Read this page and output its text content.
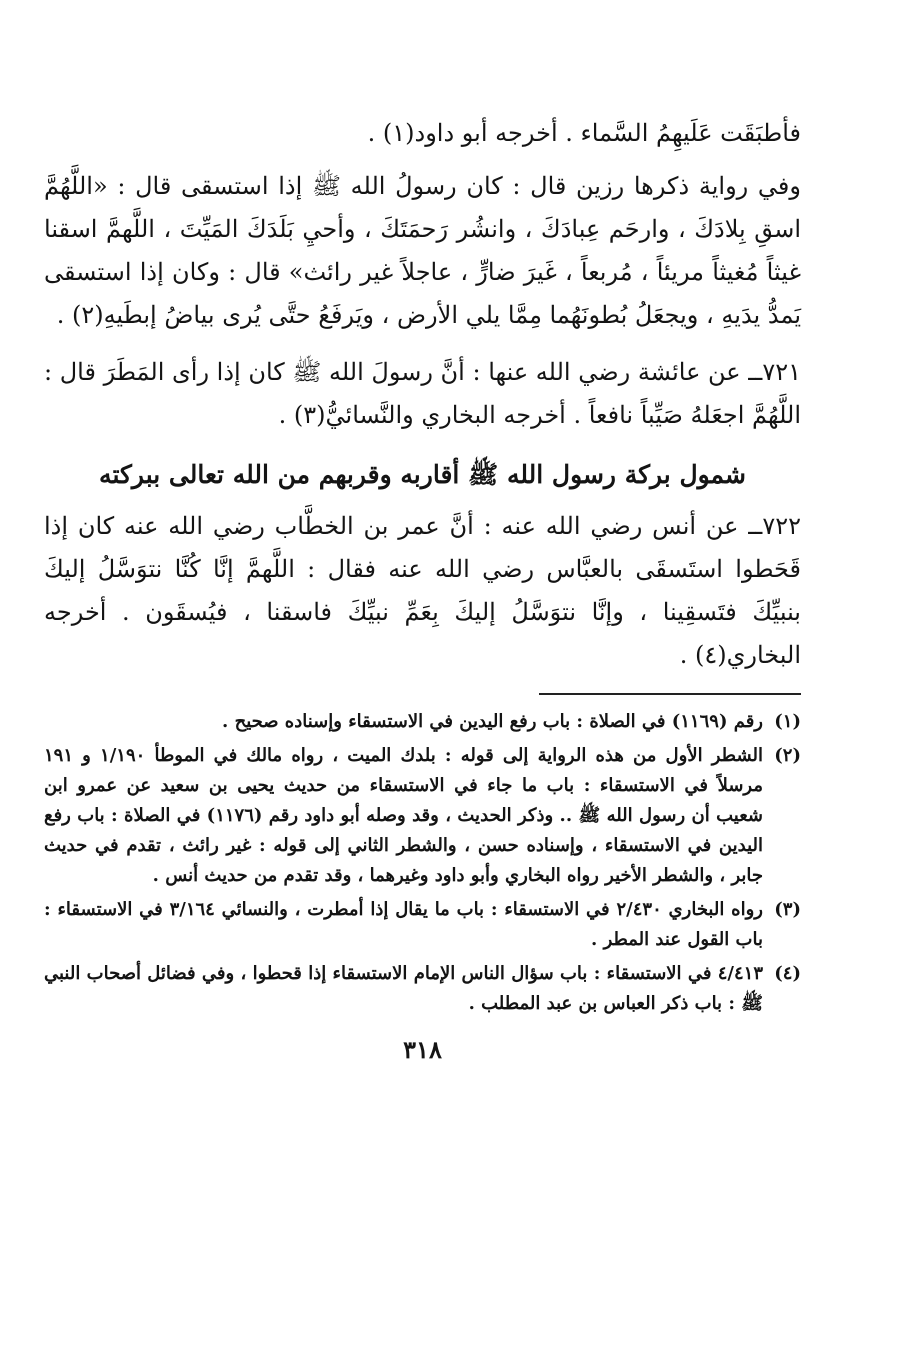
فأطبَقَت عَلَيهِمُ السَّماء . أخرجه أبو داود(١) .

وفي رواية ذكرها رزين قال : كان رسولُ الله ﷺ إذا استسقى قال : «اللَّهُمَّ اسقِ بِلادَكَ ، وارحَم عِبادَكَ ، وانشُر رَحمَتَكَ ، وأحيِ بَلَدَكَ المَيِّتَ ، اللَّهمَّ اسقنا غيثاً مُغيثاً مريئاً ، مُربعاً ، غَيرَ ضارٍّ ، عاجلاً غير رائث» قال : وكان إذا استسقى يَمدُّ يدَيهِ ، ويجعَلُ بُطونَهُما مِمَّا يلي الأرض ، ويَرفَعُ حتَّى يُرى بياضُ إبطَيهِ(٢) .

٧٢١ــ عن عائشة رضي الله عنها : أنَّ رسولَ الله ﷺ كان إذا رأى المَطَرَ قال : اللَّهُمَّ اجعَلهُ صَيِّباً نافعاً . أخرجه البخاري والنَّسائيُّ(٣) .

شمول بركة رسول الله ﷺ أقاربه وقربهم من الله تعالى ببركته

٧٢٢ــ عن أنس رضي الله عنه : أنَّ عمر بن الخطَّاب رضي الله عنه كان إذا قَحَطوا استَسقَى بالعبَّاس رضي الله عنه فقال : اللَّهمَّ إنَّا كُنَّا نتوَسَّلُ إليكَ بنبيِّكَ فتَسقِينا ، وإنَّا نتوَسَّلُ إليكَ بِعَمِّ نبيِّكَ فاسقنا ، فيُسقَون . أخرجه البخاري(٤) .

(١)
رقم (١١٦٩) في الصلاة : باب رفع اليدين في الاستسقاء وإسناده صحيح .
(٢)
الشطر الأول من هذه الرواية إلى قوله : بلدك الميت ، رواه مالك في الموطأ ١/١٩٠ و ١٩١ مرسلاً في الاستسقاء : باب ما جاء في الاستسقاء من حديث يحيى بن سعيد عن عمرو ابن شعيب أن رسول الله ﷺ .. وذكر الحديث ، وقد وصله أبو داود رقم (١١٧٦) في الصلاة : باب رفع اليدين في الاستسقاء ، وإسناده حسن ، والشطر الثاني إلى قوله : غير رائث ، تقدم في حديث جابر ، والشطر الأخير رواه البخاري وأبو داود وغيرهما ، وقد تقدم من حديث أنس .
(٣)
رواه البخاري ٢/٤٣٠ في الاستسقاء : باب ما يقال إذا أمطرت ، والنسائي ٣/١٦٤ في الاستسقاء : باب القول عند المطر .
(٤)
٤/٤١٣ في الاستسقاء : باب سؤال الناس الإمام الاستسقاء إذا قحطوا ، وفي فضائل أصحاب النبي ﷺ : باب ذكر العباس بن عبد المطلب .
٣١٨
